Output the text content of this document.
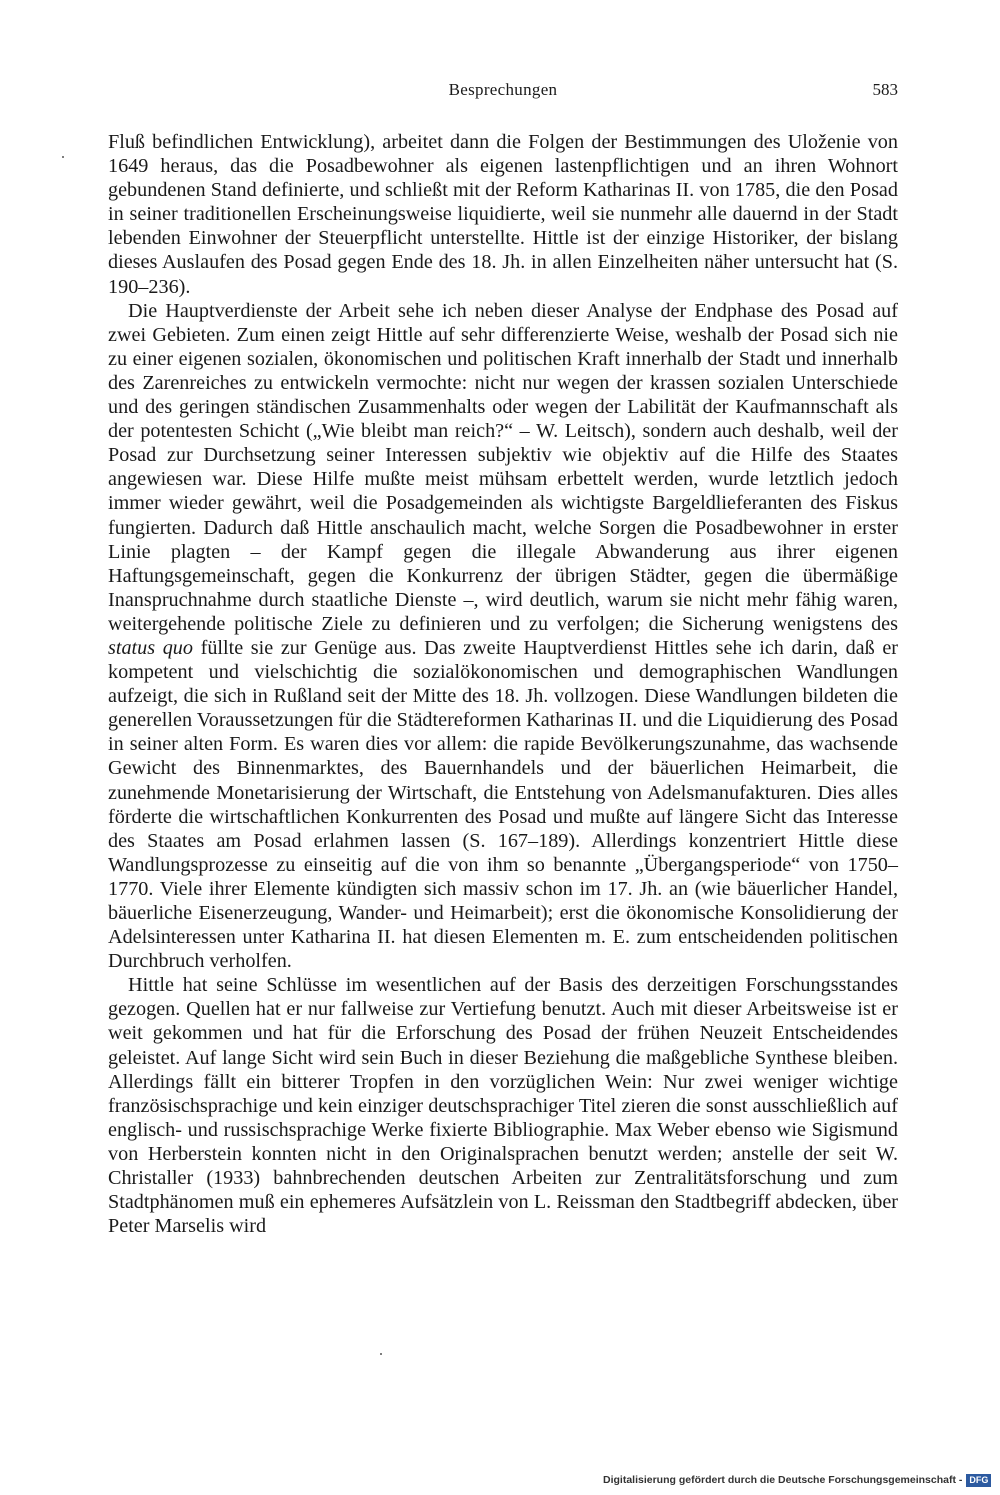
Besprechungen	583

Fluß befindlichen Entwicklung), arbeitet dann die Folgen der Bestimmungen des Uloženie von 1649 heraus, das die Posadbewohner als eigenen lastenpflichtigen und an ihren Wohnort gebundenen Stand definierte, und schließt mit der Reform Katharinas II. von 1785, die den Posad in seiner traditionellen Erscheinungsweise liquidierte, weil sie nunmehr alle dauernd in der Stadt lebenden Einwohner der Steuerpflicht unterstellte. Hittle ist der einzige Historiker, der bislang dieses Auslaufen des Posad gegen Ende des 18. Jh. in allen Einzelheiten näher untersucht hat (S. 190–236).

Die Hauptverdienste der Arbeit sehe ich neben dieser Analyse der Endphase des Posad auf zwei Gebieten. Zum einen zeigt Hittle auf sehr differenzierte Weise, weshalb der Posad sich nie zu einer eigenen sozialen, ökonomischen und politischen Kraft innerhalb der Stadt und innerhalb des Zarenreiches zu entwickeln vermochte: nicht nur wegen der krassen sozialen Unterschiede und des geringen ständischen Zusammenhalts oder wegen der Labilität der Kaufmannschaft als der potentesten Schicht („Wie bleibt man reich?“ – W. Leitsch), sondern auch deshalb, weil der Posad zur Durchsetzung seiner Interessen subjektiv wie objektiv auf die Hilfe des Staates angewiesen war. Diese Hilfe mußte meist mühsam erbettelt werden, wurde letztlich jedoch immer wieder gewährt, weil die Posadgemeinden als wichtigste Bargeldlieferanten des Fiskus fungierten. Dadurch daß Hittle anschaulich macht, welche Sorgen die Posadbewohner in erster Linie plagten – der Kampf gegen die illegale Abwanderung aus ihrer eigenen Haftungsgemeinschaft, gegen die Konkurrenz der übrigen Städter, gegen die übermäßige Inanspruchnahme durch staatliche Dienste –, wird deutlich, warum sie nicht mehr fähig waren, weitergehende politische Ziele zu definieren und zu verfolgen; die Sicherung wenigstens des status quo füllte sie zur Genüge aus. Das zweite Hauptverdienst Hittles sehe ich darin, daß er kompetent und vielschichtig die sozialökonomischen und demographischen Wandlungen aufzeigt, die sich in Rußland seit der Mitte des 18. Jh. vollzogen. Diese Wandlungen bildeten die generellen Voraussetzungen für die Städtereformen Katharinas II. und die Liquidierung des Posad in seiner alten Form. Es waren dies vor allem: die rapide Bevölkerungszunahme, das wachsende Gewicht des Binnenmarktes, des Bauernhandels und der bäuerlichen Heimarbeit, die zunehmende Monetarisierung der Wirtschaft, die Entstehung von Adelsmanufakturen. Dies alles förderte die wirtschaftlichen Konkurrenten des Posad und mußte auf längere Sicht das Interesse des Staates am Posad erlahmen lassen (S. 167–189). Allerdings konzentriert Hittle diese Wandlungsprozesse zu einseitig auf die von ihm so benannte „Übergangsperiode“ von 1750–1770. Viele ihrer Elemente kündigten sich massiv schon im 17. Jh. an (wie bäuerlicher Handel, bäuerliche Eisenerzeugung, Wander- und Heimarbeit); erst die ökonomische Konsolidierung der Adelsinteressen unter Katharina II. hat diesen Elementen m. E. zum entscheidenden politischen Durchbruch verholfen.

Hittle hat seine Schlüsse im wesentlichen auf der Basis des derzeitigen Forschungsstandes gezogen. Quellen hat er nur fallweise zur Vertiefung benutzt. Auch mit dieser Arbeitsweise ist er weit gekommen und hat für die Erforschung des Posad der frühen Neuzeit Entscheidendes geleistet. Auf lange Sicht wird sein Buch in dieser Beziehung die maßgebliche Synthese bleiben. Allerdings fällt ein bitterer Tropfen in den vorzüglichen Wein: Nur zwei weniger wichtige französischsprachige und kein einziger deutschsprachiger Titel zieren die sonst ausschließlich auf englisch- und russischsprachige Werke fixierte Bibliographie. Max Weber ebenso wie Sigismund von Herberstein konnten nicht in den Originalsprachen benutzt werden; anstelle der seit W. Christaller (1933) bahnbrechenden deutschen Arbeiten zur Zentralitätsforschung und zum Stadtphänomen muß ein ephemeres Aufsätzlein von L. Reissman den Stadtbegriff abdecken, über Peter Marselis wird

Digitalisierung gefördert durch die Deutsche Forschungsgemeinschaft - DFG
